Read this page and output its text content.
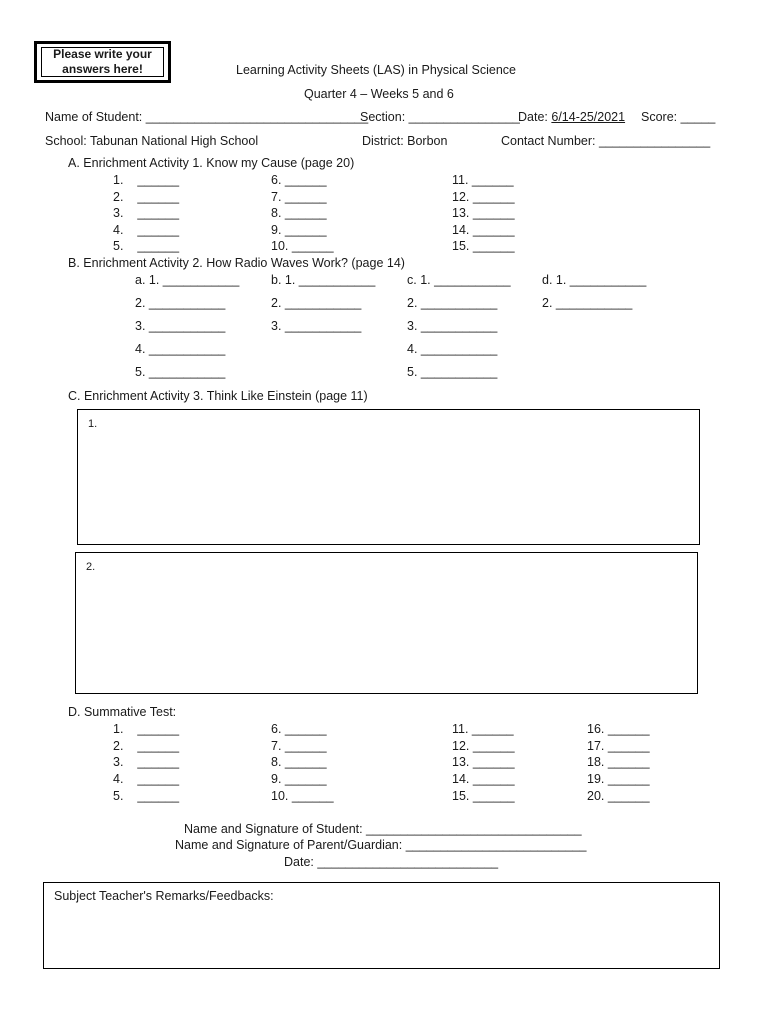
Please write your
answers here!	Learning Activity Sheets (LAS) in Physical Science
Quarter 4 – Weeks 5 and 6
Name of Student: ________________________________
Section: ________________
Date: 6/14-25/2021 Score: _____
School: Tabunan National High School	District: Borbon	Contact Number: ________________
A. Enrichment Activity 1. Know my Cause (page 20)
1.    ______
2.    ______
3.    ______
4.    ______
5.    ______
6. ______
7. ______
8. ______
9. ______
10. ______
11. ______
12. ______
13. ______
14. ______
15. ______
B. Enrichment Activity 2. How Radio Waves Work? (page 14)
a. 1. ___________
2. ___________
3. ___________
4. ___________
5. ___________
b. 1. ___________
2. ___________
3. ___________
c. 1. ___________
2. ___________
3. ___________
4. ___________
5. ___________
d. 1. ___________
2. ___________
C. Enrichment Activity 3. Think Like Einstein (page 11)
1.
2.
D. Summative Test:
1.    ______
2.    ______
3.    ______
4.    ______
5.    ______
6. ______
7. ______
8. ______
9. ______
10. ______
11. ______
12. ______
13. ______
14. ______
15. ______
16. ______
17. ______
18. ______
19. ______
20. ______
Name and Signature of Student: _______________________________
Name and Signature of Parent/Guardian: __________________________
Date: __________________________
Subject Teacher's Remarks/Feedbacks:
